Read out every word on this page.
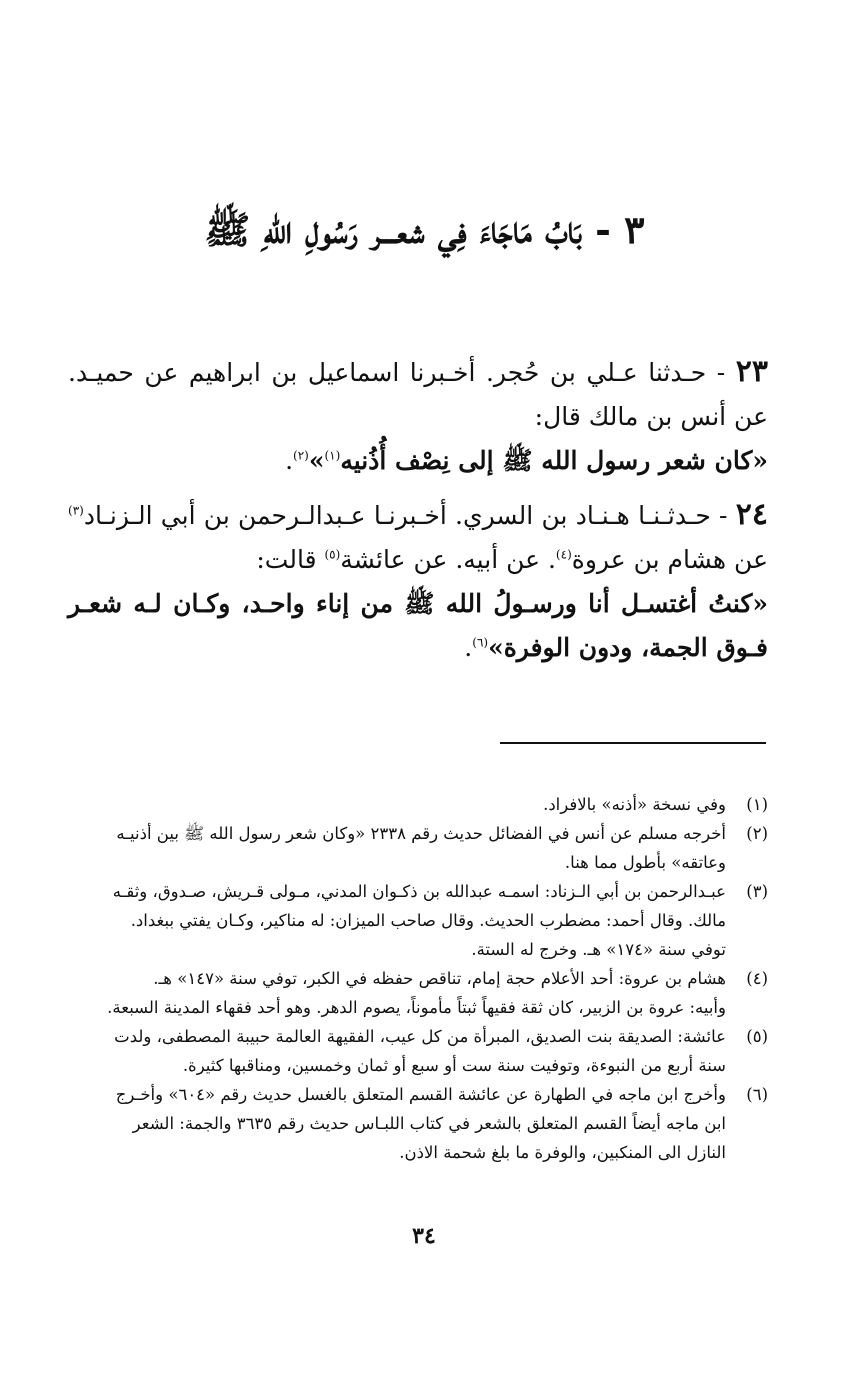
٣ - بَابُ مَاجَاءَ فِي شعـــر رَسُولِ اللهِ ﷺ

٢٣ - حـدثنا عـلي بن حُجر. أخـبرنا اسماعيل بن ابراهيم عن حميـد. عن أنس بن مالك قال:

«كان شعر رسول الله ﷺ إلى نِصْف أُذُنيه$^{(١)}$»$^{(٢)}$.

٢٤ - حـدثـنـا هـنـاد بن السري. أخـبرنـا عـبدالـرحمن بن أبي الـزنـاد$^{(٣)}$ عن هشام بن عروة$^{(٤)}$. عن أبيه. عن عائشة$^{(٥)}$ قالت:

«كنتُ أغتسـل أنا ورسـولُ الله ﷺ من إناء واحـد، وكـان لـه شعـر فـوق الجمة، ودون الوفرة»$^{(٦)}$.

(١)

وفي نسخة «أذنه» بالافراد.

(٢)

أخرجه مسلم عن أنس في الفضائل حديث رقم ٢٣٣٨ «وكان شعر رسول الله ﷺ بين أذنيـه

وعاتقه» بأطول مما هنا.

(٣)

عبـدالرحمن بن أبي الـزناد: اسمـه عبدالله بن ذكـوان المدني، مـولى قـريش، صـدوق، وثقـه

مالك. وقال أحمد: مضطرب الحديث. وقال صاحب الميزان: له مناكير، وكـان يفتي ببغداد.

توفي سنة «١٧٤» هـ. وخرج له الستة.

(٤)

هشام بن عروة: أحد الأعلام حجة إمام، تناقص حفظه في الكبر، توفي سنة «١٤٧» هـ.

وأبيه: عروة بن الزبير، كان ثقة فقيهاً ثبتاً مأموناً، يصوم الدهر. وهو أحد فقهاء المدينة السبعة.

(٥)

عائشة: الصديقة بنت الصديق، المبرأة من كل عيب، الفقيهة العالمة حبيبة المصطفى، ولدت

سنة أربع من النبوءة، وتوفيت سنة ست أو سبع أو ثمان وخمسين، ومناقبها كثيرة.

(٦)

وأخرج ابن ماجه في الطهارة عن عائشة القسم المتعلق بالغسل حديث رقم «٦٠٤» وأخـرج

ابن ماجه أيضاً القسم المتعلق بالشعر في كتاب اللبـاس حديث رقم ٣٦٣٥ والجمة: الشعر

النازل الى المنكبين، والوفرة ما بلغ شحمة الاذن.

٣٤
